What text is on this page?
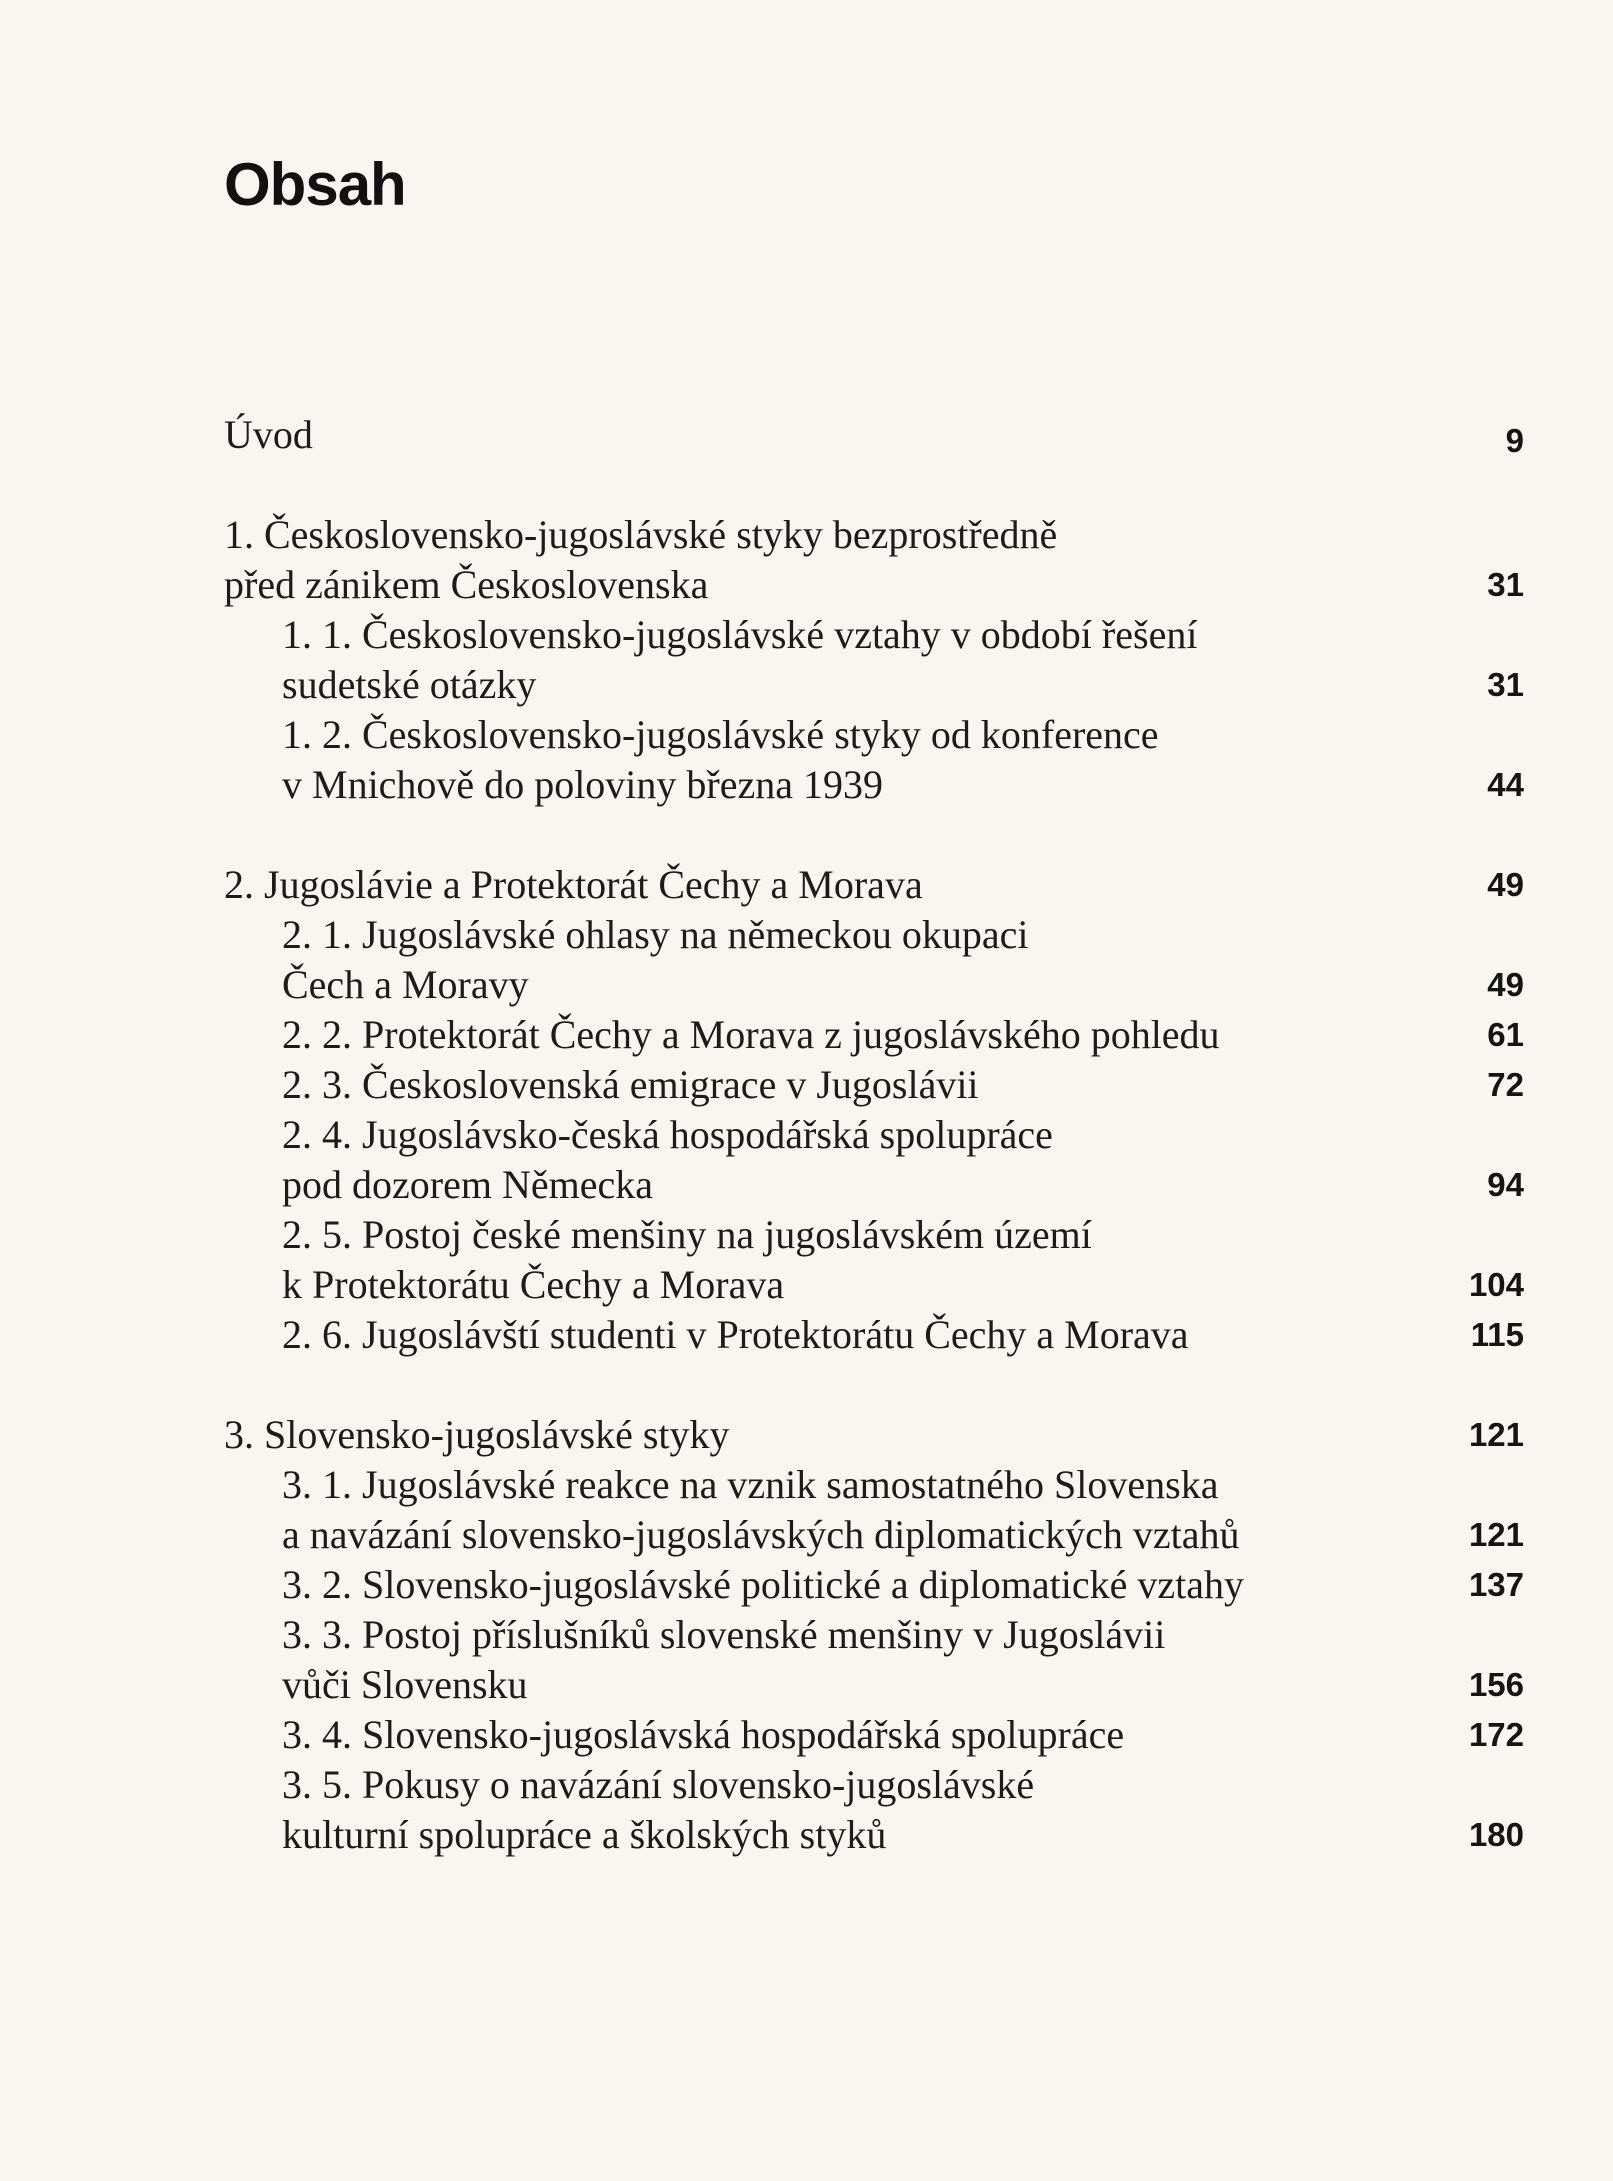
Obsah
Úvod	9
1. Československo-jugoslávské styky bezprostředně
před zánikem Československa	31
1. 1. Československo-jugoslávské vztahy v období řešení
sudetské otázky	31
1. 2. Československo-jugoslávské styky od konference
v Mnichově do poloviny března 1939	44
2. Jugoslávie a Protektorát Čechy a Morava	49
2. 1. Jugoslávské ohlasy na německou okupaci
Čech a Moravy	49
2. 2. Protektorát Čechy a Morava z jugoslávského pohledu	61
2. 3. Československá emigrace v Jugoslávii	72
2. 4. Jugoslávsko-česká hospodářská spolupráce
pod dozorem Německa	94
2. 5. Postoj české menšiny na jugoslávském území
k Protektorátu Čechy a Morava	104
2. 6. Jugoslávští studenti v Protektorátu Čechy a Morava	115
3. Slovensko-jugoslávské styky	121
3. 1. Jugoslávské reakce na vznik samostatného Slovenska
a navázání slovensko-jugoslávských diplomatických vztahů	121
3. 2. Slovensko-jugoslávské politické a diplomatické vztahy	137
3. 3. Postoj příslušníků slovenské menšiny v Jugoslávii
vůči Slovensku	156
3. 4. Slovensko-jugoslávská hospodářská spolupráce	172
3. 5. Pokusy o navázání slovensko-jugoslávské
kulturní spolupráce a školských styků	180
